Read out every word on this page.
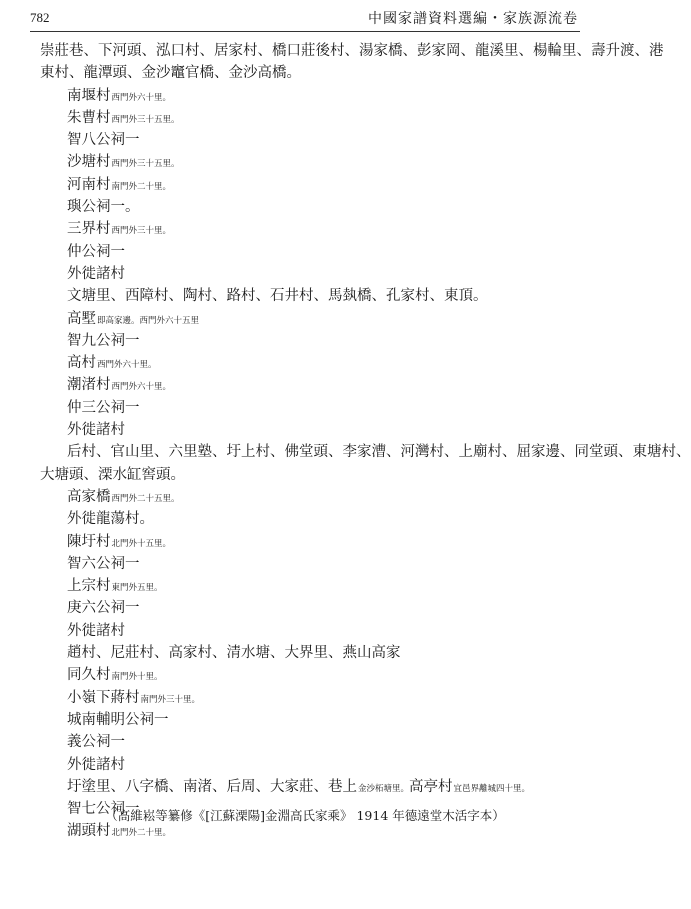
782	中國家譜資料選編・家族源流卷
崇莊巷、下河頭、泓口村、居家村、橋口莊後村、湯家橋、彭家岡、龍溪里、楊輪里、壽升渡、港
東村、龍潭頭、金沙竈官橋、金沙高橋。
南堰村西門外六十里。
朱曹村西門外三十五里。
智八公祠一
沙塘村西門外三十五里。
河南村南門外二十里。
璵公祠一。
三界村西門外三十里。
仲公祠一
外徙諸村
文塘里、西障村、陶村、路村、石井村、馬埶橋、孔家村、東頂。
高墅即高家邊。西門外六十五里
智九公祠一
高村西門外六十里。
潮渚村西門外六十里。
仲三公祠一
外徙諸村
后村、官山里、六里塾、圩上村、佛堂頭、李家漕、河灣村、上廟村、屈家邊、同堂頭、東塘村、
大塘頭、溧水缸窖頭。
高家橋西門外二十五里。
外徙龍蕩村。
陳圩村北門外十五里。
智六公祠一
上宗村東門外五里。
庚六公祠一
外徙諸村
趙村、尼莊村、高家村、清水塘、大界里、燕山高家
同久村南門外十里。
小嶺下蔣村南門外三十里。
城南輔明公祠一
義公祠一
外徙諸村
圩塗里、八字橋、南渚、后周、大家莊、巷上金沙柘塘里。高亭村宜邑界離城四十里。
智七公祠一
湖頭村北門外二十里。
（高維崧等纂修《[江蘇溧陽]金淵高氏家乘》 1914 年德遠堂木活字本）
